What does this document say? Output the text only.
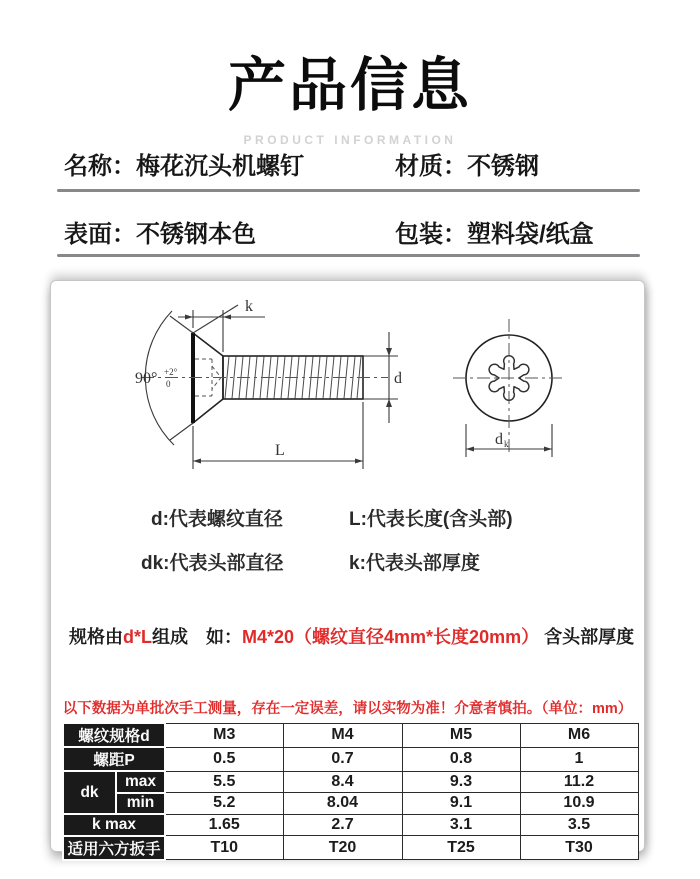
产品信息
PRODUCT INFORMATION
名称：梅花沉头机螺钉	材质：不锈钢
表面：不锈钢本色	包装：塑料袋/纸盒
k
90° +2°
0	d
L
d k
d:代表螺纹直径	L:代表长度(含头部)
dk:代表头部直径	k:代表头部厚度
规格由d*L组成　如：M4*20（螺纹直径4mm*长度20mm） 含头部厚度
以下数据为单批次手工测量，存在一定误差，请以实物为准！介意者慎拍。（单位：mm）
螺纹规格d		M3	M4	M5	M6
螺距P		0.5	0.7	0.8	1
dk	max	5.5	8.4	9.3	11.2
	min	5.2	8.04	9.1	10.9
k max		1.65	2.7	3.1	3.5
适用六方扳手		T10	T20	T25	T30
